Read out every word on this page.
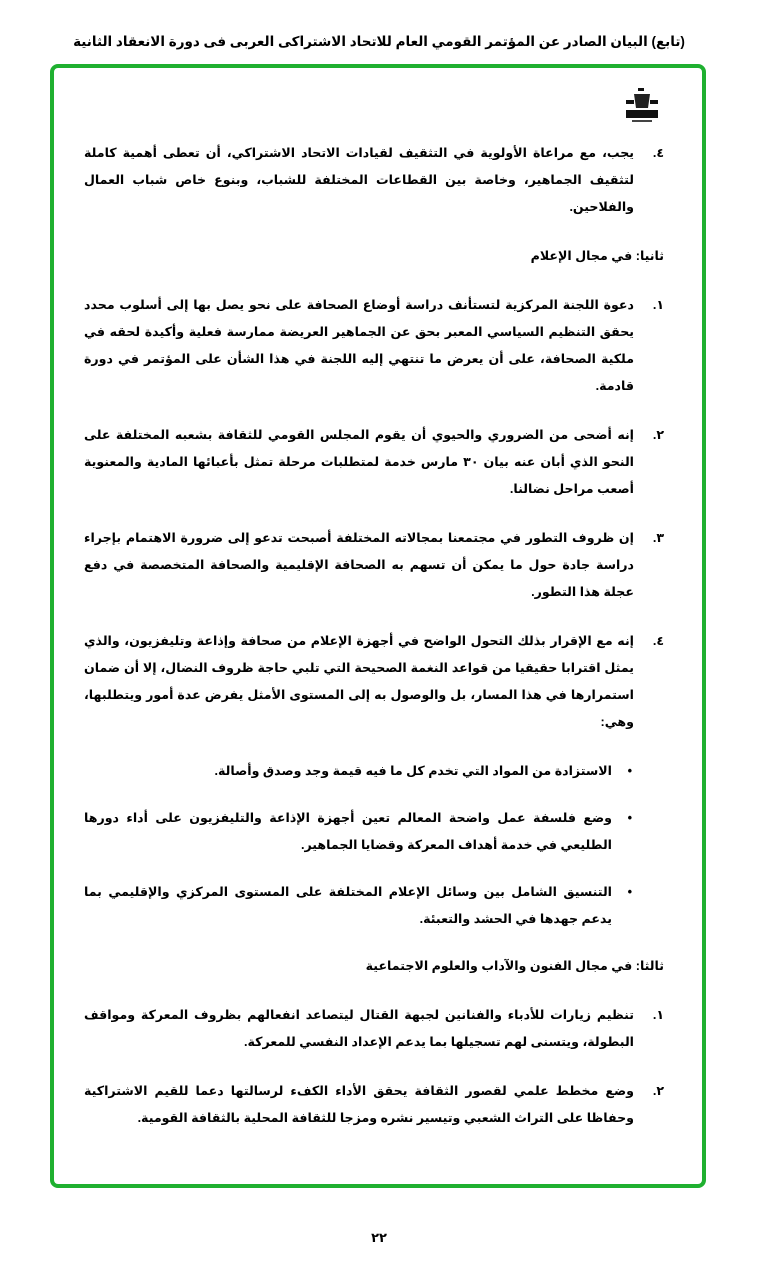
(تابع) البيان الصادر عن المؤتمر القومي العام للاتحاد الاشتراكى العربى فى دورة الانعقاد الثانية
٤.
يجب، مع مراعاة الأولوية في التثقيف لقيادات الاتحاد الاشتراكي، أن تعطى أهمية كاملة لتثقيف الجماهير، وخاصة بين القطاعات المختلفة للشباب، وبنوع خاص شباب العمال والفلاحين.
ثانيا: في مجال الإعلام
١.
دعوة اللجنة المركزية لتستأنف دراسة أوضاع الصحافة على نحو يصل بها إلى أسلوب محدد يحقق التنظيم السياسي المعبر بحق عن الجماهير العريضة ممارسة فعلية وأكيدة لحقه في ملكية الصحافة، على أن يعرض ما تنتهي إليه اللجنة في هذا الشأن على المؤتمر في دورة قادمة.
٢.
إنه أضحى من الضروري والحيوي أن يقوم المجلس القومي للثقافة بشعبه المختلفة على النحو الذي أبان عنه بيان ٣٠ مارس خدمة لمتطلبات مرحلة تمثل بأعبائها المادية والمعنوية أصعب مراحل نضالنا.
٣.
إن ظروف التطور في مجتمعنا بمجالاته المختلفة أصبحت تدعو إلى ضرورة الاهتمام بإجراء دراسة جادة حول ما يمكن أن تسهم به الصحافة الإقليمية والصحافة المتخصصة في دفع عجلة هذا التطور.
٤.
إنه مع الإقرار بذلك التحول الواضح في أجهزة الإعلام من صحافة وإذاعة وتليفزيون، والذي يمثل اقترابا حقيقيا من قواعد النغمة الصحيحة التي تلبي حاجة ظروف النضال، إلا أن ضمان استمرارها في هذا المسار، بل والوصول به إلى المستوى الأمثل يفرض عدة أمور ويتطلبها، وهي:
•
الاستزادة من المواد التي تخدم كل ما فيه قيمة وجد وصدق وأصالة.
•
وضع فلسفة عمل واضحة المعالم تعين أجهزة الإذاعة والتليفزيون على أداء دورها الطليعي في خدمة أهداف المعركة وقضايا الجماهير.
•
التنسيق الشامل بين وسائل الإعلام المختلفة على المستوى المركزي والإقليمي بما يدعم جهدها في الحشد والتعبئة.
ثالثا: في مجال الفنون والآداب والعلوم الاجتماعية
١.
تنظيم زيارات للأدباء والفنانين لجبهة القتال ليتصاعد انفعالهم بظروف المعركة ومواقف البطولة، ويتسنى لهم تسجيلها بما يدعم الإعداد النفسي للمعركة.
٢.
وضع مخطط علمي لقصور الثقافة يحقق الأداء الكفء لرسالتها دعما للقيم الاشتراكية وحفاظا على التراث الشعبي وتيسير نشره ومزجا للثقافة المحلية بالثقافة القومية.
٢٢
